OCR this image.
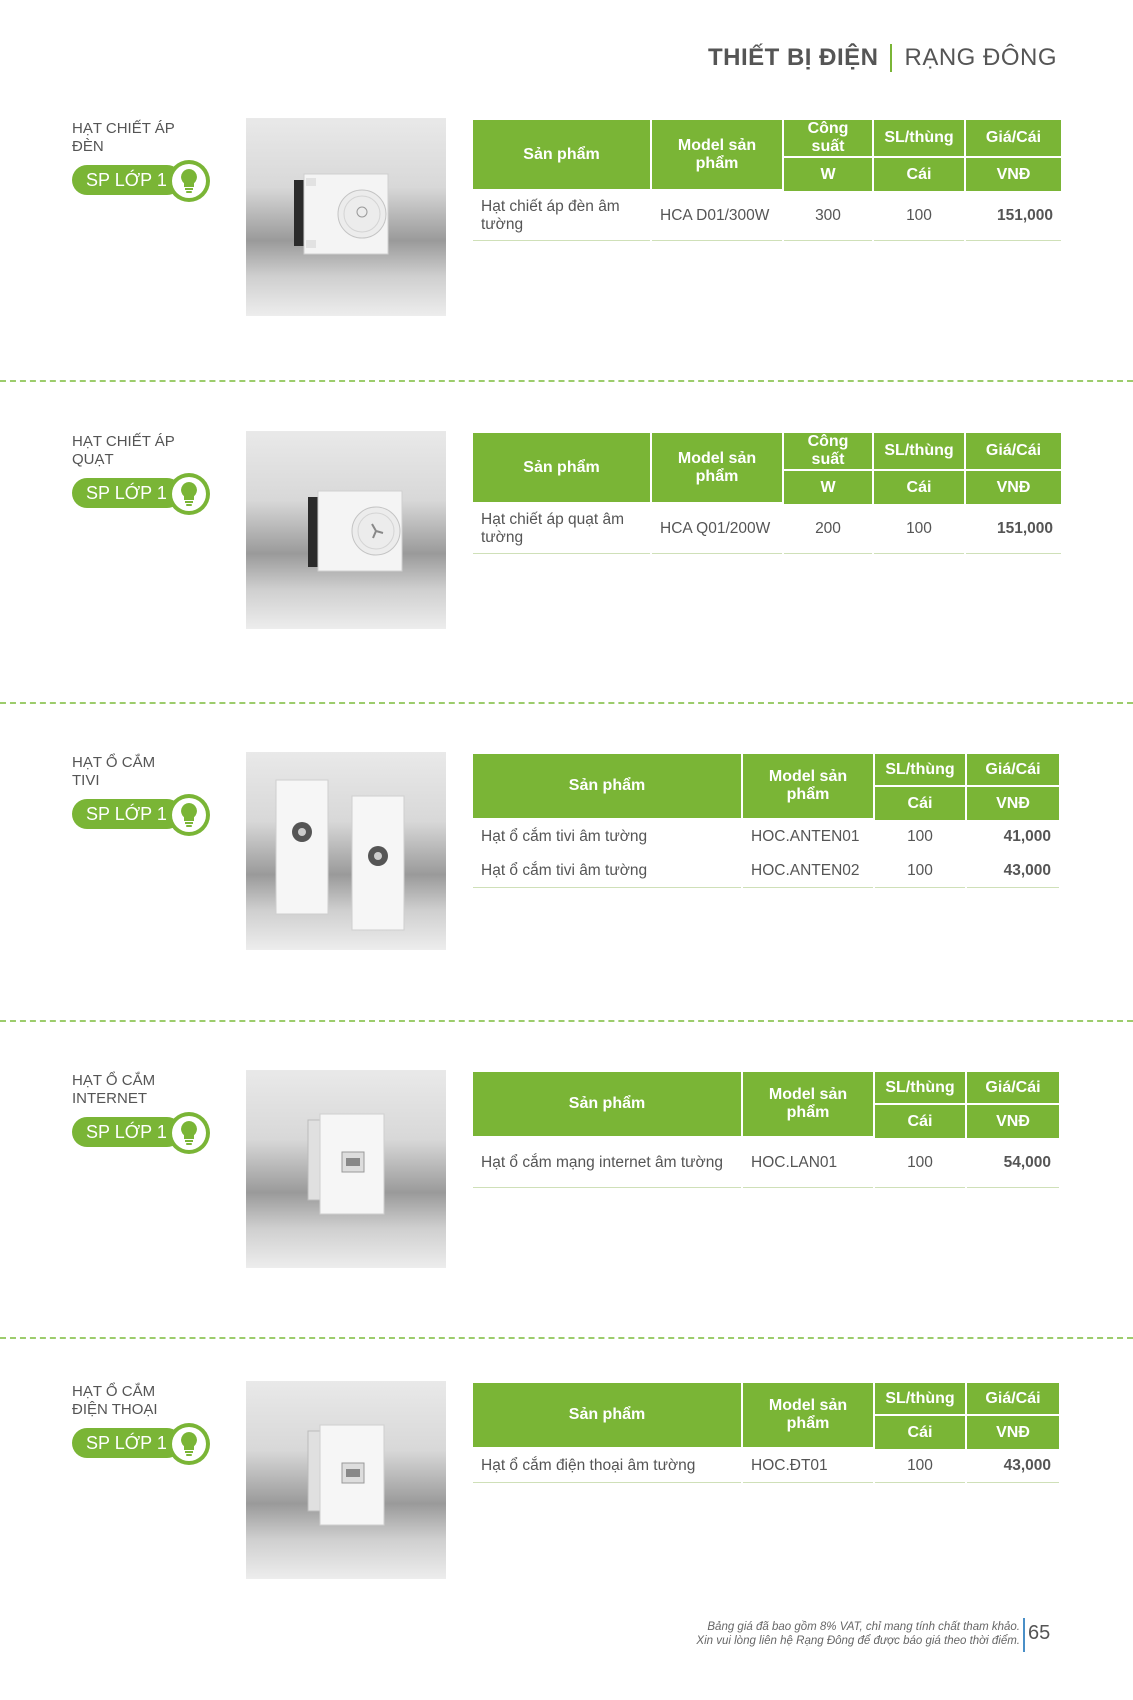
THIẾT BỊ ĐIỆN RẠNG ĐÔNG
HẠT CHIẾT ÁP
ĐÈN
SP LỚP 1
Sản phẩm	Model sản phẩm	Công suất	SL/thùng	Giá/Cái
		W	Cái	VNĐ
Hạt chiết áp đèn âm tường	HCA D01/300W	300	100	151,000
HẠT CHIẾT ÁP
QUẠT
SP LỚP 1
Sản phẩm	Model sản phẩm	Công suất	SL/thùng	Giá/Cái
		W	Cái	VNĐ
Hạt chiết áp quạt âm tường	HCA Q01/200W	200	100	151,000
HẠT Ổ CẮM
TIVI
SP LỚP 1
Sản phẩm	Model sản phẩm	SL/thùng	Giá/Cái
		Cái	VNĐ
Hạt ổ cắm tivi âm tường	HOC.ANTEN01	100	41,000
Hạt ổ cắm tivi âm tường	HOC.ANTEN02	100	43,000
HẠT Ổ CẮM
INTERNET
SP LỚP 1
Sản phẩm	Model sản phẩm	SL/thùng	Giá/Cái
		Cái	VNĐ
Hạt ổ cắm mạng internet âm tường	HOC.LAN01	100	54,000
HẠT Ổ CẮM
ĐIỆN THOẠI
SP LỚP 1
Sản phẩm	Model sản phẩm	SL/thùng	Giá/Cái
		Cái	VNĐ
Hạt ổ cắm điện thoại âm tường	HOC.ĐT01	100	43,000
Bảng giá đã bao gồm 8% VAT, chỉ mang tính chất tham khảo.
Xin vui lòng liên hệ Rạng Đông để được báo giá theo thời điểm. 65
